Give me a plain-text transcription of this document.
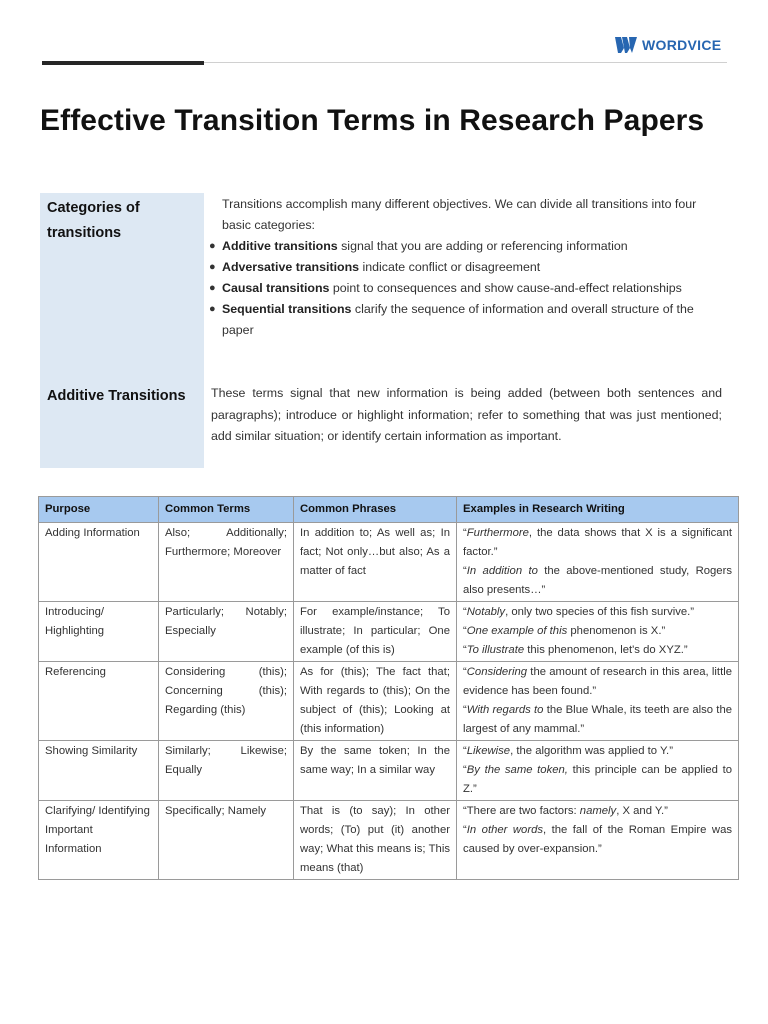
WORDVICE
Effective Transition Terms in Research Papers
Categories of transitions

Transitions accomplish many different objectives. We can divide all transitions into four basic categories:

● Additive transitions signal that you are adding or referencing information
● Adversative transitions indicate conflict or disagreement
● Causal transitions point to consequences and show cause-and-effect relationships
● Sequential transitions clarify the sequence of information and overall structure of the paper
Additive Transitions	These terms signal that new information is being added (between both sentences and paragraphs); introduce or highlight information; refer to something that was just mentioned; add similar situation; or identify certain information as important.
Purpose	Common Terms	Common Phrases	Examples in Research Writing
Adding Information	Also; Additionally; Furthermore; Moreover	In addition to; As well as; In fact; Not only…but also; As a matter of fact	“Furthermore, the data shows that X is a significant factor.”
“In addition to the above-mentioned study, Rogers also presents…”

Introducing/ Highlighting	Particularly; Notably; Especially	For example/instance; To illustrate; In particular; One example (of this is)	“Notably, only two species of this fish survive.”
“One example of this phenomenon is X.”
“To illustrate this phenomenon, let's do XYZ.”

Referencing	Considering (this); Concerning (this); Regarding (this)	As for (this); The fact that; With regards to (this); On the subject of (this); Looking at (this information)	“Considering the amount of research in this area, little evidence has been found.”
“With regards to the Blue Whale, its teeth are also the largest of any mammal.”

Showing Similarity	Similarly; Likewise; Equally	By the same token; In the same way; In a similar way	“Likewise, the algorithm was applied to Y.”
“By the same token, this principle can be applied to Z.”

Clarifying/ Identifying Important Information	Specifically; Namely	That is (to say); In other words; (To) put (it) another way; What this means is; This means (that)	“There are two factors: namely, X and Y.”
“In other words, the fall of the Roman Empire was caused by over-expansion.”
